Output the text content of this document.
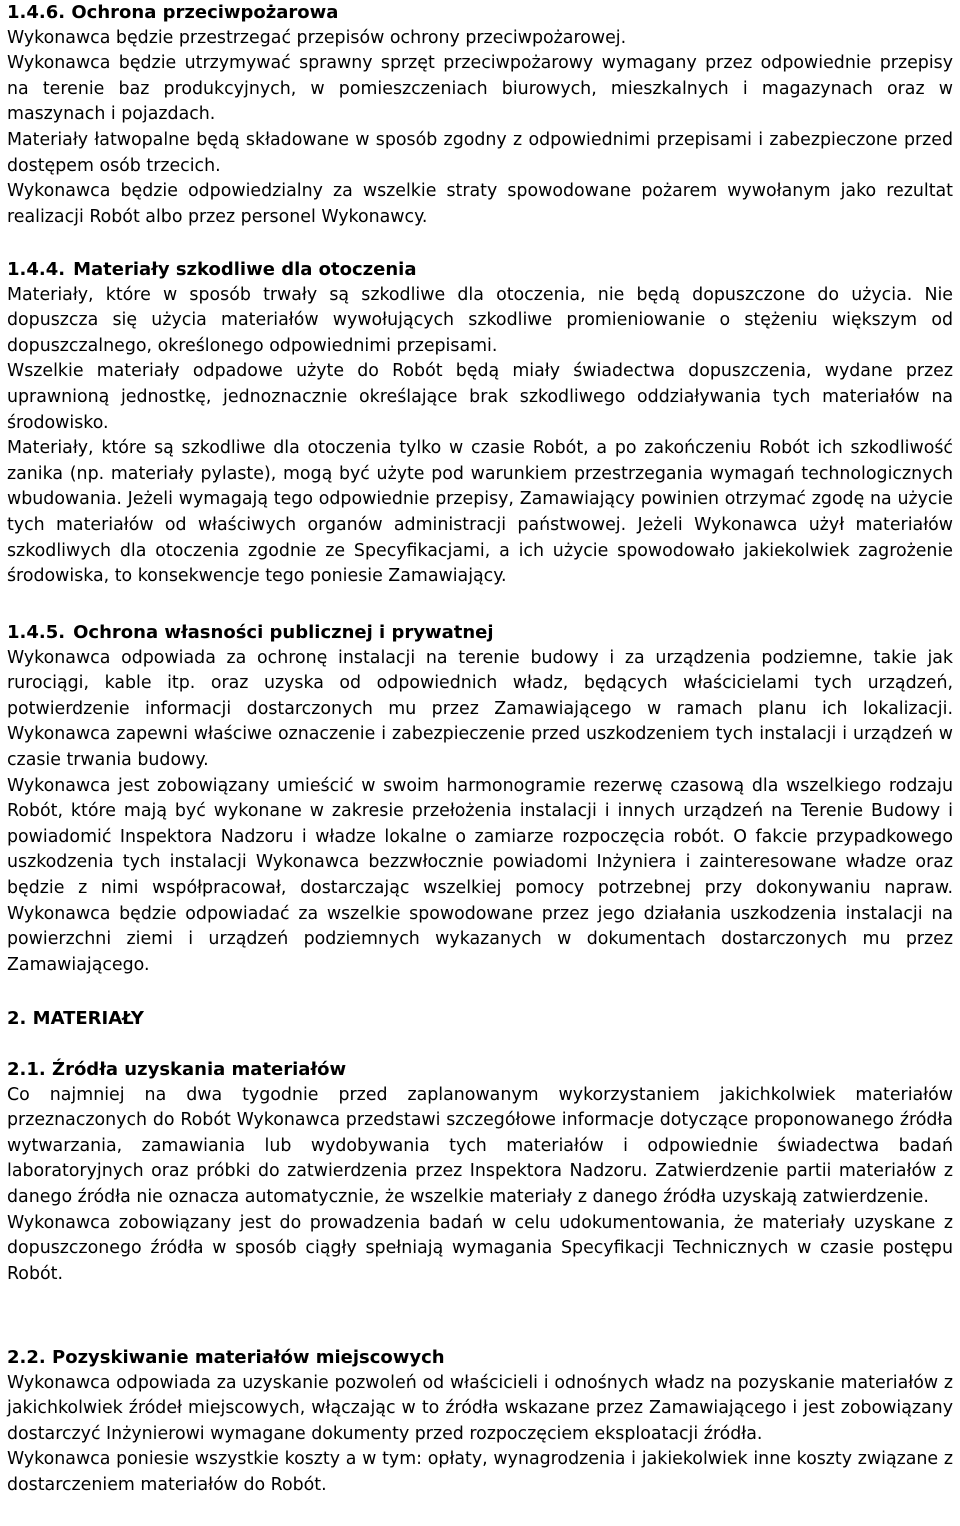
1.4.6. Ochrona przeciwpożarowa
Wykonawca będzie przestrzegać przepisów ochrony przeciwpożarowej.
Wykonawca będzie utrzymywać sprawny sprzęt przeciwpożarowy wymagany przez odpowiednie przepisy na terenie baz produkcyjnych, w pomieszczeniach biurowych, mieszkalnych i magazynach oraz w maszynach i pojazdach.
Materiały łatwopalne będą składowane w sposób zgodny z odpowiednimi przepisami i zabezpieczone przed dostępem osób trzecich.
Wykonawca będzie odpowiedzialny za wszelkie straty spowodowane pożarem wywołanym jako rezultat realizacji Robót albo przez personel Wykonawcy.
1.4.4. Materiały szkodliwe dla otoczenia
Materiały, które w sposób trwały są szkodliwe dla otoczenia, nie będą dopuszczone do użycia. Nie dopuszcza się użycia materiałów wywołujących szkodliwe promieniowanie o stężeniu większym od dopuszczalnego, określonego odpowiednimi przepisami.
Wszelkie materiały odpadowe użyte do Robót będą miały świadectwa dopuszczenia, wydane przez uprawnioną jednostkę, jednoznacznie określające brak szkodliwego oddziaływania tych materiałów na środowisko.
Materiały, które są szkodliwe dla otoczenia tylko w czasie Robót, a po zakończeniu Robót ich szkodliwość zanika (np. materiały pylaste), mogą być użyte pod warunkiem przestrzegania wymagań technologicznych wbudowania. Jeżeli wymagają tego odpowiednie przepisy, Zamawiający powinien otrzymać zgodę na użycie tych materiałów od właściwych organów administracji państwowej. Jeżeli Wykonawca użył materiałów szkodliwych dla otoczenia zgodnie ze Specyfikacjami, a ich użycie spowodowało jakiekolwiek zagrożenie środowiska, to konsekwencje tego poniesie Zamawiający.
1.4.5. Ochrona własności publicznej i prywatnej
Wykonawca odpowiada za ochronę instalacji na terenie budowy i za urządzenia podziemne, takie jak rurociągi, kable itp. oraz uzyska od odpowiednich władz, będących właścicielami tych urządzeń, potwierdzenie informacji dostarczonych mu przez Zamawiającego w ramach planu ich lokalizacji. Wykonawca zapewni właściwe oznaczenie i zabezpieczenie przed uszkodzeniem tych instalacji i urządzeń w czasie trwania budowy.
Wykonawca jest zobowiązany umieścić w swoim harmonogramie rezerwę czasową dla wszelkiego rodzaju Robót, które mają być wykonane w zakresie przełożenia instalacji i innych urządzeń na Terenie Budowy i powiadomić Inspektora Nadzoru i władze lokalne o zamiarze rozpoczęcia robót. O fakcie przypadkowego uszkodzenia tych instalacji Wykonawca bezzwłocznie powiadomi Inżyniera i zainteresowane władze oraz będzie z nimi współpracował, dostarczając wszelkiej pomocy potrzebnej przy dokonywaniu napraw. Wykonawca będzie odpowiadać za wszelkie spowodowane przez jego działania uszkodzenia instalacji na powierzchni ziemi i urządzeń podziemnych wykazanych w dokumentach dostarczonych mu przez Zamawiającego.
2. MATERIAŁY
2.1. Źródła uzyskania materiałów
Co najmniej na dwa tygodnie przed zaplanowanym wykorzystaniem jakichkolwiek materiałów przeznaczonych do Robót Wykonawca przedstawi szczegółowe informacje dotyczące proponowanego źródła wytwarzania, zamawiania lub wydobywania tych materiałów i odpowiednie świadectwa badań laboratoryjnych oraz próbki do zatwierdzenia przez Inspektora Nadzoru. Zatwierdzenie partii materiałów z danego źródła nie oznacza automatycznie, że wszelkie materiały z danego źródła uzyskają zatwierdzenie.
Wykonawca zobowiązany jest do prowadzenia badań w celu udokumentowania, że materiały uzyskane z dopuszczonego źródła w sposób ciągły spełniają wymagania Specyfikacji Technicznych w czasie postępu Robót.
2.2. Pozyskiwanie materiałów miejscowych
Wykonawca odpowiada za uzyskanie pozwoleń od właścicieli i odnośnych władz na pozyskanie materiałów z jakichkolwiek źródeł miejscowych, włączając w to źródła wskazane przez Zamawiającego i jest zobowiązany dostarczyć Inżynierowi wymagane dokumenty przed rozpoczęciem eksploatacji źródła.
Wykonawca poniesie wszystkie koszty a w tym: opłaty, wynagrodzenia i jakiekolwiek inne koszty związane z dostarczeniem materiałów do Robót.
